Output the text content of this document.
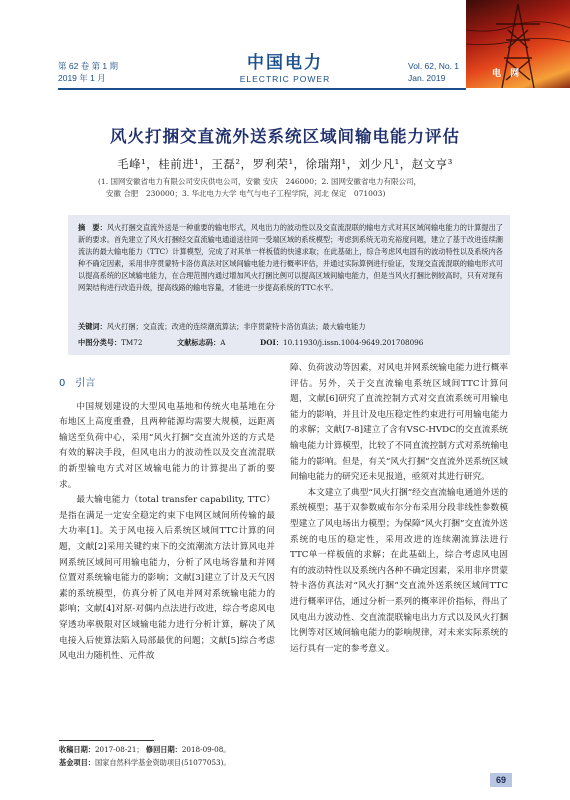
第 62 卷 第 1 期
2019 年 1 月
中国电力
ELECTRIC POWER
Vol. 62, No. 1
Jan. 2019	电 网
风火打捆交直流外送系统区域间输电能力评估
毛峰¹，桂前进¹，王磊²，罗利荣¹，徐瑞翔¹，刘少凡¹，赵文亨³
(1. 国网安徽省电力有限公司安庆供电公司，安徽 安庆　246000；2. 国网安徽省电力有限公司，
安徽 合肥　230000；3. 华北电力大学 电气与电子工程学院，河北 保定　071003)
摘　要：风火打捆交直流外送是一种重要的输电形式，风电出力的波动性以及交直流混联的输电方式对其区域间输电能力的计算提出了新的要求。首先建立了风火打捆经交直流输电通道送往同一受端区域的系统模型；考虑到系统无功充裕度问题，建立了基于改进连续潮流法的最大输电能力（TTC）计算模型，完成了对其单一样板值的快速求取；在此基础上，综合考虑风电固有的波动特性以及系统内各种不确定因素，采用非序贯蒙特卡洛仿真法对区域间输电能力进行概率评估，并通过实际算例进行验证，发现交直流混联的输电形式可以提高系统的区域输电能力，在合理范围内通过增加风火打捆比例可以提高区域间输电能力，但是当风火打捆比例较高时，只有对现有网架结构进行改造升级，提高线路的输电容量，才能进一步提高系统的TTC水平。
关键词：风火打捆；交直流；改进的连续潮流算法；非序贯蒙特卡洛仿真法；最大输电能力
中图分类号：TM72	文献标志码：A	DOI：10.11930/j.issn.1004-9649.201708096
0　引言

中国规划建设的大型风电基地和传统火电基地在分布地区上高度重叠，且两种能源均需要大规模，远距离输送至负荷中心，采用“风火打捆”交直流外送的方式是有效的解决手段，但风电出力的波动性以及交直流混联的新型输电方式对区域输电能力的计算提出了新的要求。

最大输电能力（total transfer capability, TTC）是指在满足一定安全稳定约束下电网区域间所传输的最大功率[1]。关于风电接入后系统区域间TTC计算的问题，文献[2]采用关键约束下的交流潮流方法计算风电并网系统区域间可用输电能力，分析了风电场容量和并网位置对系统输电能力的影响；文献[3]建立了计及天气因素的系统模型，仿真分析了风电并网对系统输电能力的影响；文献[4]对原-对偶内点法进行改进，综合考虑风电穿透功率极限对区域输电能力进行分析计算，解决了风电接入后使算法陷入局部最优的问题；文献[5]综合考虑风电出力随机性、元件故

障、负荷波动等因素，对风电并网系统输电能力进行概率评估。另外，关于交直流输电系统区域间TTC计算问题，文献[6]研究了直流控制方式对交直流系统可用输电能力的影响，并且计及电压稳定性约束进行可用输电能力的求解；文献[7-8]建立了含有VSC-HVDC的交直流系统输电能力计算模型，比较了不同直流控制方式对系统输电能力的影响。但是，有关“风火打捆”交直流外送系统区域间输电能力的研究还未见报道，亟须对其进行研究。

本文建立了典型“风火打捆”经交直流输电通道外送的系统模型；基于双参数威布尔分布采用分段非线性参数模型建立了风电场出力模型；为保障“风火打捆”交直流外送系统的电压的稳定性，采用改进的连续潮流算法进行TTC单一样板值的求解；在此基础上，综合考虑风电固有的波动特性以及系统内各种不确定因素，采用非序贯蒙特卡洛仿真法对“风火打捆”交直流外送系统区域间TTC进行概率评估，通过分析一系列的概率评价指标，得出了风电出力波动性、交直流混联输电出力方式以及风火打捆比例等对区域间输电能力的影响规律，对未来实际系统的运行具有一定的参考意义。

收稿日期：2017-08-21； 修回日期：2018-09-08。
基金项目：国家自然科学基金资助项目(51077053)。
69
